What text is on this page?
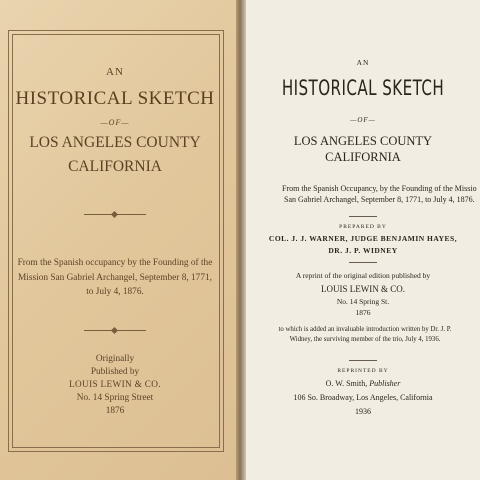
AN
HISTORICAL SKETCH
—OF—
LOS ANGELES COUNTY
CALIFORNIA
From the Spanish occupancy by the Founding of the Mission San Gabriel Archangel, September 8, 1771, to July 4, 1876.
Originally
Published by
LOUIS LEWIN & CO.
No. 14 Spring Street
1876
AN
HISTORICAL SKETCH
—OF—
LOS ANGELES COUNTY
CALIFORNIA
From the Spanish Occupancy, by the Founding of the Missio
San Gabriel Archangel, September 8, 1771, to July 4, 1876.
PREPARED BY
COL. J. J. WARNER, JUDGE BENJAMIN HAYES,
DR. J. P. WIDNEY
A reprint of the original edition published by
LOUIS LEWIN & CO.
No. 14 Spring St.
1876
to which is added an invaluable introduction written by Dr. J. P. Widney, the surviving member of the trio, July 4, 1936.
REPRINTED BY
O. W. Smith, Publisher
106 So. Broadway, Los Angeles, California
1936
